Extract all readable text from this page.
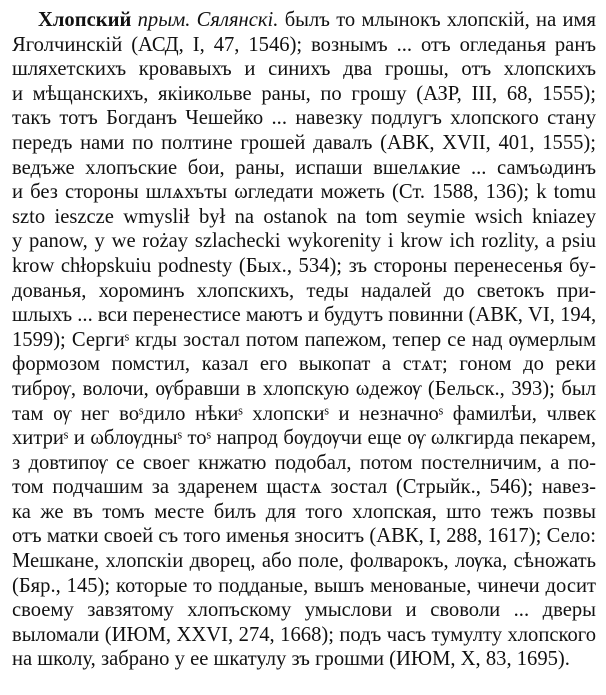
Хлопский прым. Сялянскі. былъ то млынокъ хлопскій, на имя
Яголчинскій (АСД, I, 47, 1546); вознымъ ... отъ огледанья ранъ
шляхетскихъ кровавыхъ и синихъ два грошы, отъ хлопскихъ
и мѣщанскихъ, якіикольве раны, по грошу (АЗР, III, 68, 1555);
такъ тотъ Богданъ Чешейко ... навезку подлугъ хлопского стану
передъ нами по полтине грошей давалъ (АВК, XVII, 401, 1555);
ведъже хлопъские бои, раны, испаши вшелѧкие ... самъωдинъ
и без стороны шлѧхъты ωгледати можеть (Ст. 1588, 136); k tomu
szto ieszcze wmyslił był na ostanok na tom seymie wsich kniazey
y panow, y we rożay szlachecki wykorenity i krow ich rozlity, a psiu
krow chłopskuiu podnesty (Бых., 534); зъ стороны перенесенья бу-
дованья, хороминъ хлопскихъ, теды надалей до светокъ при-
шлыхъ ... вси перенестисе маютъ и будутъ повинни (АВК, VI, 194,
1599); Сергиˢ кгды зостал потом папежом, тепер се над ѹмерлым
формозом помстил, казал его выкопат а стѧт; гоном до реки
тибрѹ, волочи, ѹбравши в хлопскую ωдежѹ (Бельск., 393); был
там ѹ нег воˢдило нѣкиˢ хлопскиˢ и незначноˢ фамилѣи, члвек
хитриˢ и ωблѹдныˢ тоˢ напрод бѹдѹчи еще ѹ ωлкгирда пекарем,
з довтипѹ се своег кнжатю подобал, потом постелничим, а по-
том подчашим за здаренем щастѧ зостал (Стрыйк., 546); навез-
ка же въ томъ месте билъ для того хлопская, што тежъ позвы
отъ матки своей съ того именья зноситъ (АВК, I, 288, 1617); Село:
Мешкане, хлопскіи дворец, або поле, фолварокъ, лѹка, сѣножать
(Бяр., 145); которые то подданые, вышъ менованые, чинечи досит
своему завзятому хлопъскому умыслови и своволи ... дверы
выломали (ИЮМ, XXVI, 274, 1668); подъ часъ тумулту хлопского
на школу, забрано у ее шкатулу зъ грошми (ИЮМ, X, 83, 1695).
